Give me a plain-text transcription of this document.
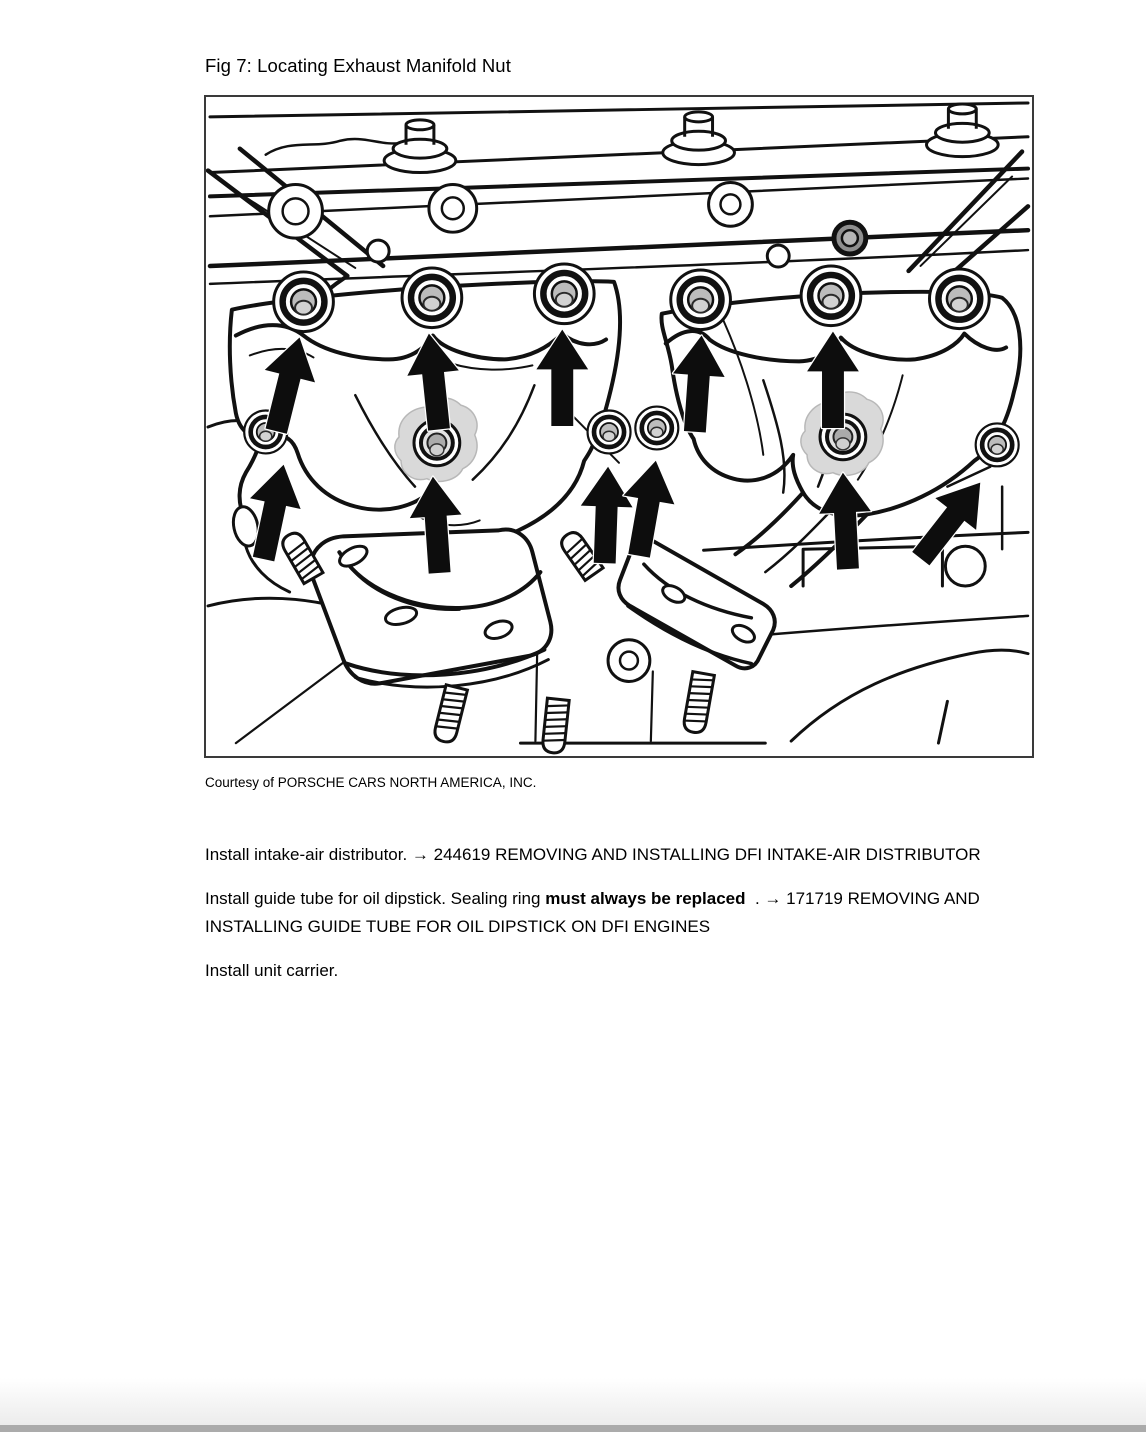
Fig 7: Locating Exhaust Manifold Nut
Courtesy of PORSCHE CARS NORTH AMERICA, INC.
Install intake-air distributor. → 244619 REMOVING AND INSTALLING DFI INTAKE-AIR DISTRIBUTOR
Install guide tube for oil dipstick. Sealing ring must always be replaced  . → 171719 REMOVING AND INSTALLING GUIDE TUBE FOR OIL DIPSTICK ON DFI ENGINES
Install unit carrier.
